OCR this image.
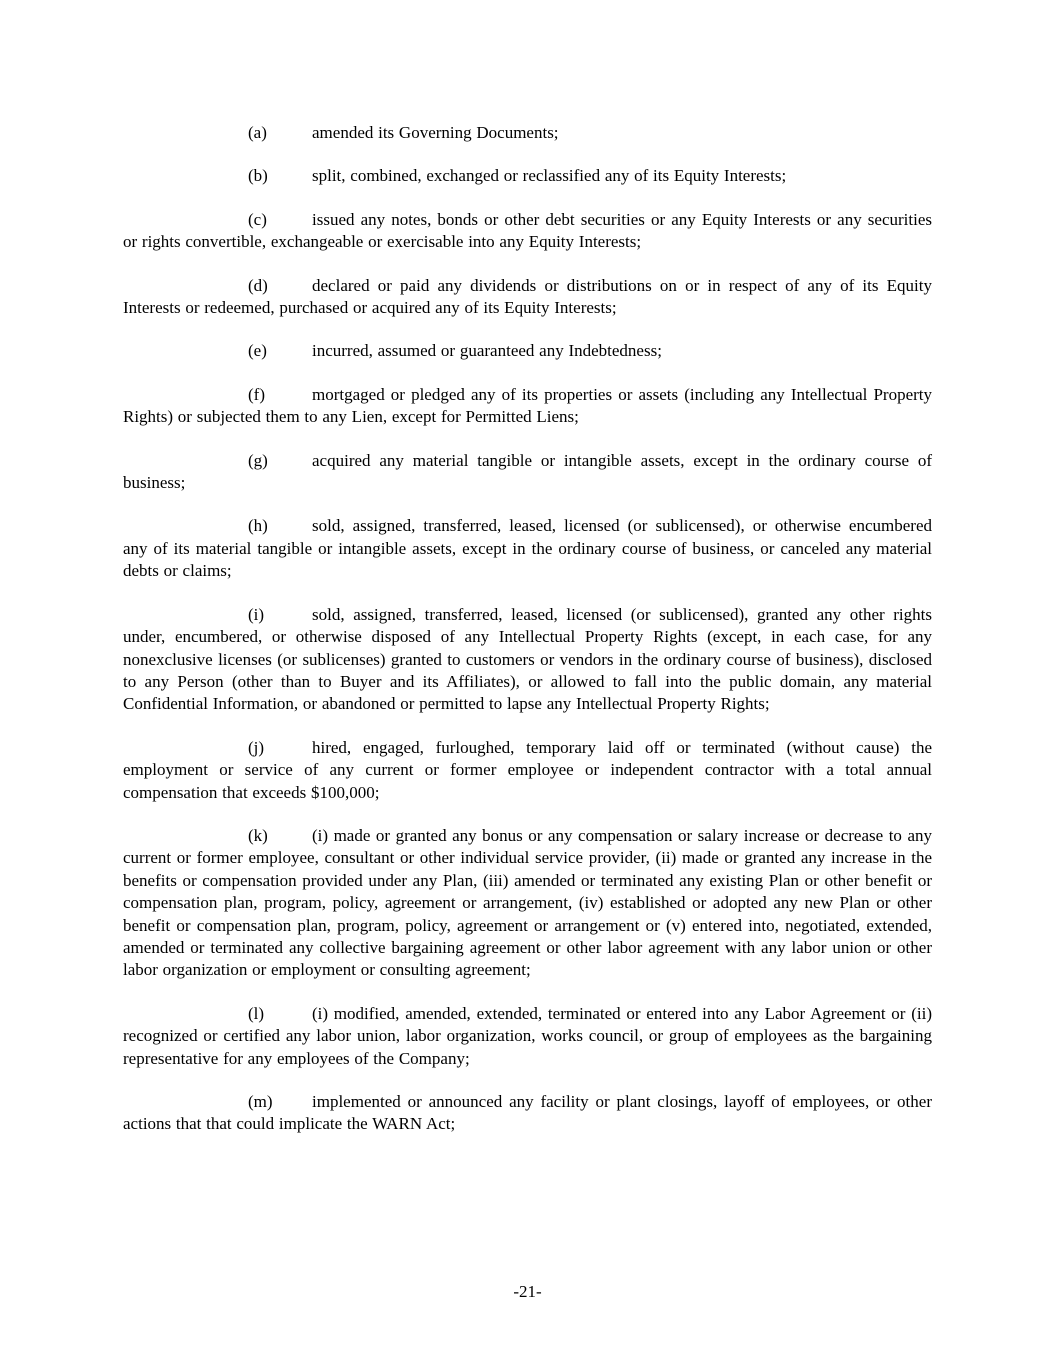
(a)	amended its Governing Documents;

(b)	split, combined, exchanged or reclassified any of its Equity Interests;

(c)	issued any notes, bonds or other debt securities or any Equity Interests or any securities or rights convertible, exchangeable or exercisable into any Equity Interests;

(d)	declared or paid any dividends or distributions on or in respect of any of its Equity Interests or redeemed, purchased or acquired any of its Equity Interests;

(e)	incurred, assumed or guaranteed any Indebtedness;

(f)	mortgaged or pledged any of its properties or assets (including any Intellectual Property Rights) or subjected them to any Lien, except for Permitted Liens;

(g)	acquired any material tangible or intangible assets, except in the ordinary course of business;

(h)	sold, assigned, transferred, leased, licensed (or sublicensed), or otherwise encumbered any of its material tangible or intangible assets, except in the ordinary course of business, or canceled any material debts or claims;

(i)	sold, assigned, transferred, leased, licensed (or sublicensed), granted any other rights under, encumbered, or otherwise disposed of any Intellectual Property Rights (except, in each case, for any nonexclusive licenses (or sublicenses) granted to customers or vendors in the ordinary course of business), disclosed to any Person (other than to Buyer and its Affiliates), or allowed to fall into the public domain, any material Confidential Information, or abandoned or permitted to lapse any Intellectual Property Rights;

(j)	hired, engaged, furloughed, temporary laid off or terminated (without cause) the employment or service of any current or former employee or independent contractor with a total annual compensation that exceeds $100,000;

(k)	(i) made or granted any bonus or any compensation or salary increase or decrease to any current or former employee, consultant or other individual service provider, (ii) made or granted any increase in the benefits or compensation provided under any Plan, (iii) amended or terminated any existing Plan or other benefit or compensation plan, program, policy, agreement or arrangement, (iv) established or adopted any new Plan or other benefit or compensation plan, program, policy, agreement or arrangement or (v) entered into, negotiated, extended, amended or terminated any collective bargaining agreement or other labor agreement with any labor union or other labor organization or employment or consulting agreement;

(l)	(i) modified, amended, extended, terminated or entered into any Labor Agreement or (ii) recognized or certified any labor union, labor organization, works council, or group of employees as the bargaining representative for any employees of the Company;

(m) implemented or announced any facility or plant closings, layoff of employees, or other actions that that could implicate the WARN Act;

-21-
